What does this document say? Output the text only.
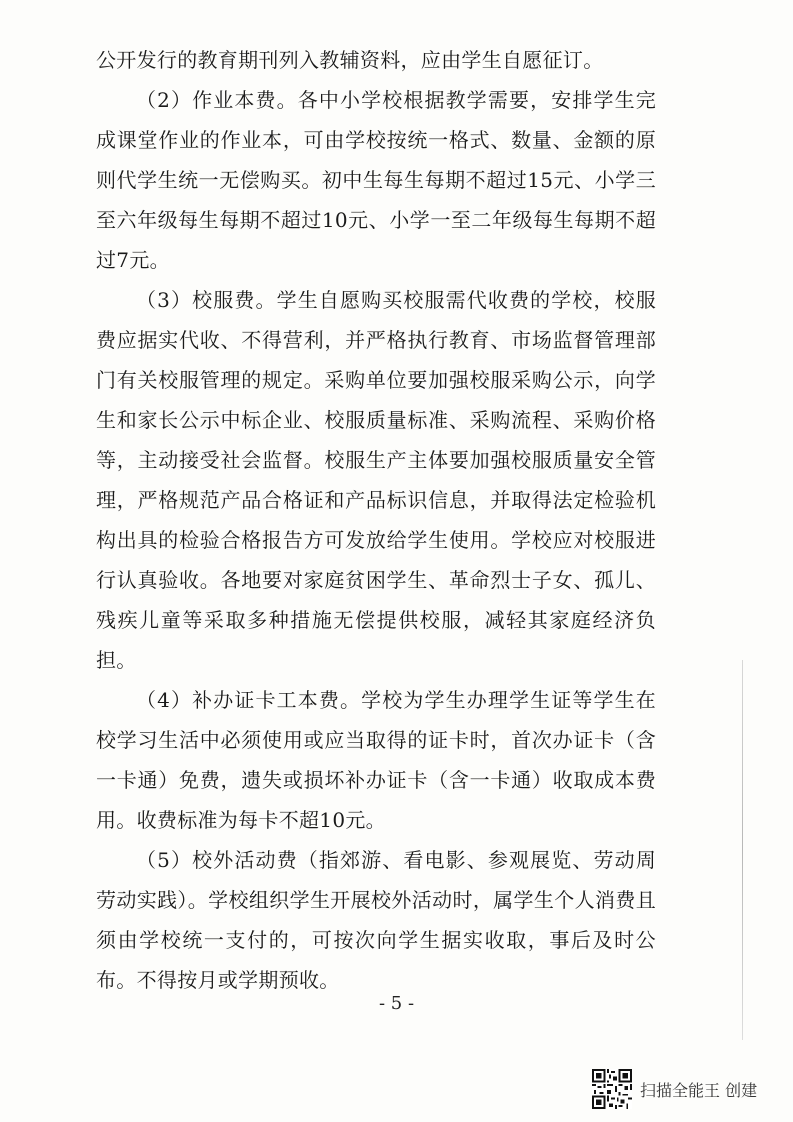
公开发行的教育期刊列入教辅资料，应由学生自愿征订。

（2）作业本费。各中小学校根据教学需要，安排学生完成课堂作业的作业本，可由学校按统一格式、数量、金额的原则代学生统一无偿购买。初中生每生每期不超过15元、小学三至六年级每生每期不超过10元、小学一至二年级每生每期不超过7元。

（3）校服费。学生自愿购买校服需代收费的学校，校服费应据实代收、不得营利，并严格执行教育、市场监督管理部门有关校服管理的规定。采购单位要加强校服采购公示，向学生和家长公示中标企业、校服质量标准、采购流程、采购价格等，主动接受社会监督。校服生产主体要加强校服质量安全管理，严格规范产品合格证和产品标识信息，并取得法定检验机构出具的检验合格报告方可发放给学生使用。学校应对校服进行认真验收。各地要对家庭贫困学生、革命烈士子女、孤儿、残疾儿童等采取多种措施无偿提供校服，减轻其家庭经济负担。

（4）补办证卡工本费。学校为学生办理学生证等学生在校学习生活中必须使用或应当取得的证卡时，首次办证卡（含一卡通）免费，遗失或损坏补办证卡（含一卡通）收取成本费用。收费标准为每卡不超10元。

（5）校外活动费（指郊游、看电影、参观展览、劳动周劳动实践）。学校组织学生开展校外活动时，属学生个人消费且须由学校统一支付的，可按次向学生据实收取，事后及时公布。不得按月或学期预收。

- 5 -
扫描全能王 创建
